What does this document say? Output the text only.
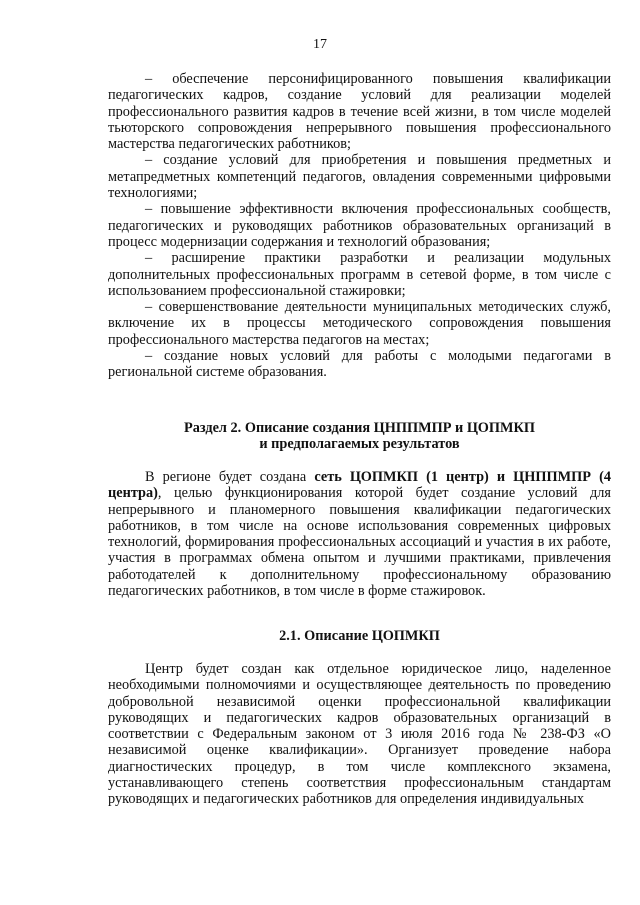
17

– обеспечение персонифицированного повышения квалификации педагогических кадров, создание условий для реализации моделей профессионального развития кадров в течение всей жизни, в том числе моделей тьюторского сопровождения непрерывного повышения профессионального мастерства педагогических работников;

– создание условий для приобретения и повышения предметных и метапредметных компетенций педагогов, овладения современными цифровыми технологиями;

– повышение эффективности включения профессиональных сообществ, педагогических и руководящих работников образовательных организаций в процесс модернизации содержания и технологий образования;

– расширение практики разработки и реализации модульных дополнительных профессиональных программ в сетевой форме, в том числе с использованием профессиональной стажировки;

– совершенствование деятельности муниципальных методических служб, включение их в процессы методического сопровождения повышения профессионального мастерства педагогов на местах;

– создание новых условий для работы с молодыми педагогами в региональной системе образования.

Раздел 2. Описание создания ЦНППМПР и ЦОПМКП
и предполагаемых результатов

В регионе будет создана сеть ЦОПМКП (1 центр) и ЦНППМПР (4 центра), целью функционирования которой будет создание условий для непрерывного и планомерного повышения квалификации педагогических работников, в том числе на основе использования современных цифровых технологий, формирования профессиональных ассоциаций и участия в их работе, участия в программах обмена опытом и лучшими практиками, привлечения работодателей к дополнительному профессиональному образованию педагогических работников, в том числе в форме стажировок.

2.1. Описание ЦОПМКП

Центр будет создан как отдельное юридическое лицо, наделенное необходимыми полномочиями и осуществляющее деятельность по проведению добровольной независимой оценки профессиональной квалификации руководящих и педагогических кадров образовательных организаций в соответствии с Федеральным законом от 3 июля 2016 года № 238-ФЗ «О независимой оценке квалификации». Организует проведение набора диагностических процедур, в том числе комплексного экзамена, устанавливающего степень соответствия профессиональным стандартам руководящих и педагогических работников для определения индивидуальных
